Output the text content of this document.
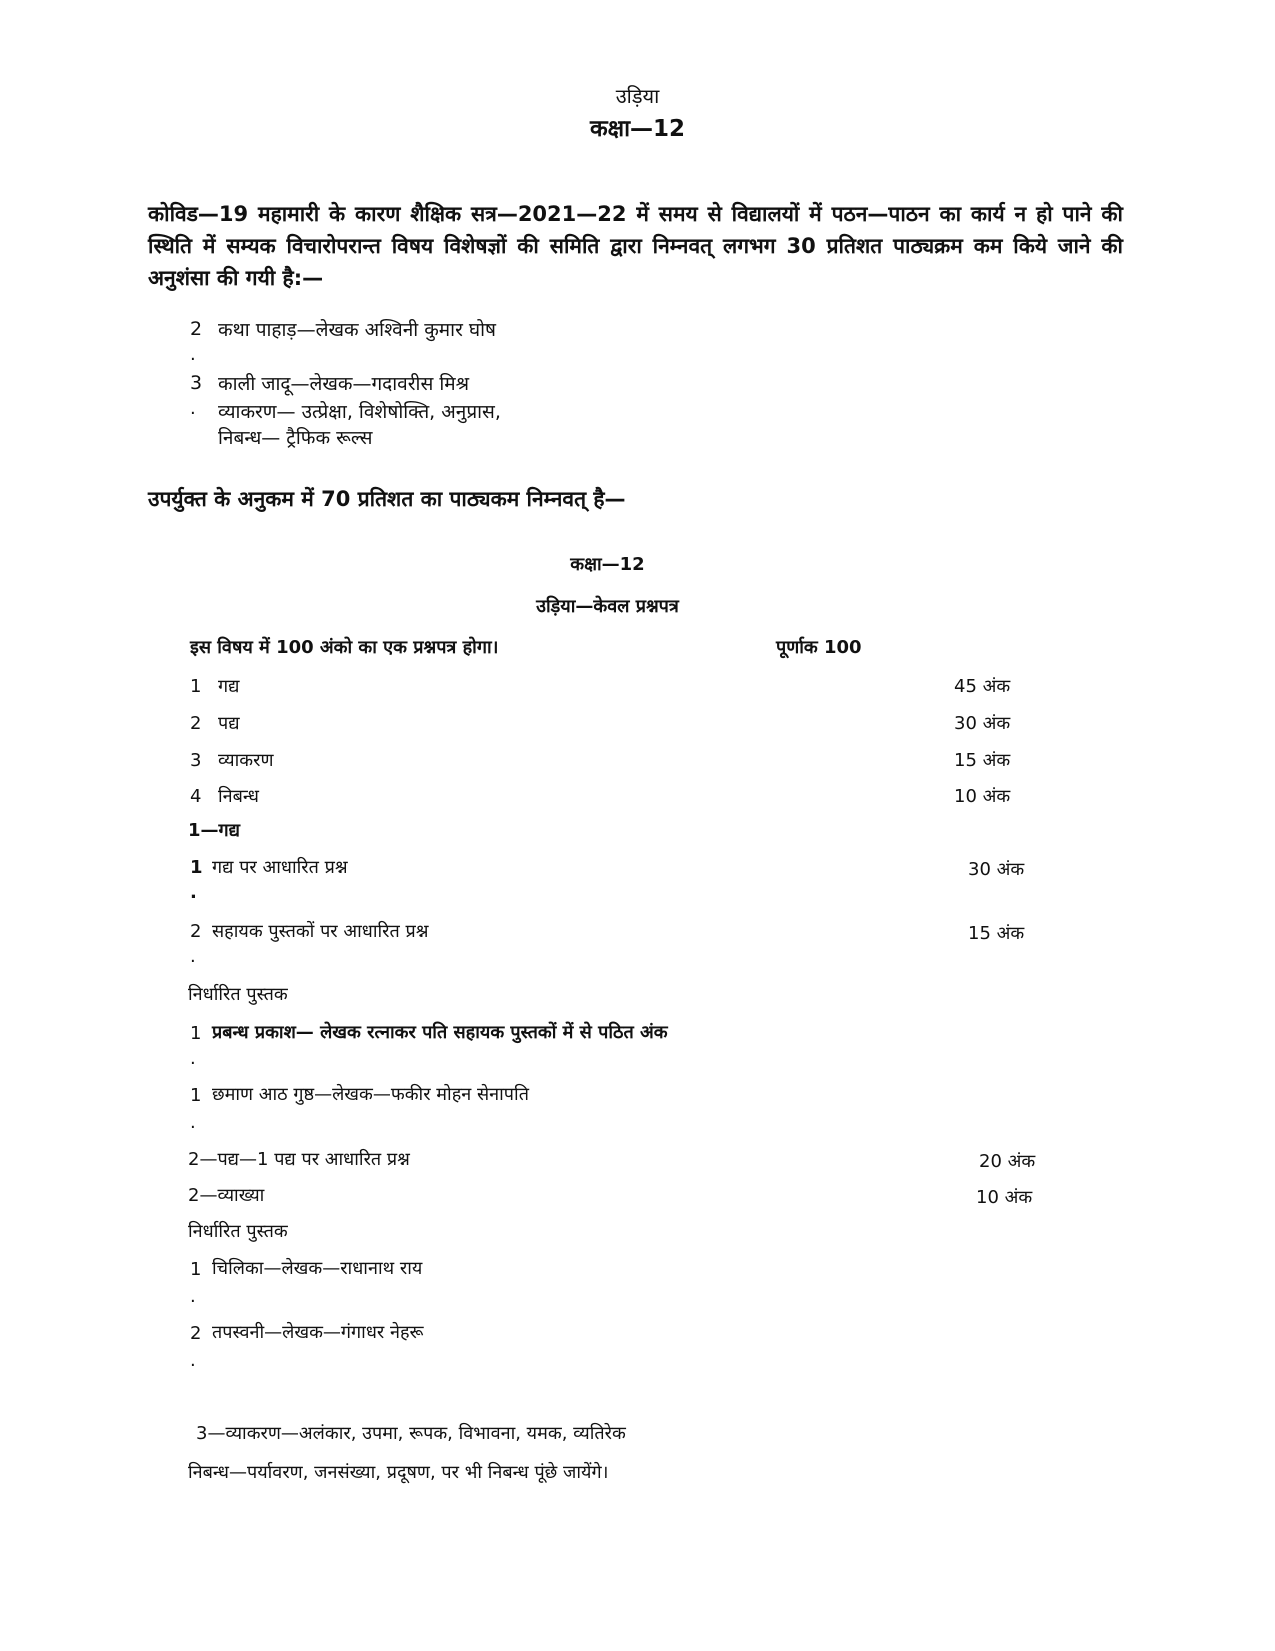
उड़िया
कक्षा—12
कोविड—19 महामारी के कारण शैक्षिक सत्र—2021—22 में समय से विद्यालयों में पठन—पाठन का कार्य न हो पाने की स्थिति में सम्यक विचारोपरान्त विषय विशेषज्ञों की समिति द्वारा निम्नवत् लगभग 30 प्रतिशत पाठ्यक्रम कम किये जाने की अनुशंसा की गयी है:—
2 कथा पाहाड़—लेखक अश्विनी कुमार घोष
.
3 काली जादू—लेखक—गदावरीस मिश्र
. व्याकरण— उत्प्रेक्षा, विशेषोक्ति, अनुप्रास,
निबन्ध— ट्रैफिक रूल्स
उपर्युक्त के अनुकम में 70 प्रतिशत का पाठ्यकम निम्नवत् है—
कक्षा—12
उड़िया—केवल प्रश्नपत्र
इस विषय में 100 अंको का एक प्रश्नपत्र होगा।	पूर्णाक 100
1 गद्य	45 अंक
2 पद्य	30 अंक
3 व्याकरण	15 अंक
4 निबन्ध	10 अंक
1—गद्य
1 गद्य पर आधारित प्रश्न	30 अंक
.
2 सहायक पुस्तकों पर आधारित प्रश्न	15 अंक
.
निर्धारित पुस्तक
1 प्रबन्ध प्रकाश— लेखक रत्नाकर पति सहायक पुस्तकों में से पठित अंक
.
1 छमाण आठ गुष्ठ—लेखक—फकीर मोहन सेनापति
.
2—पद्य—1 पद्य पर आधारित प्रश्न	20 अंक
2—व्याख्या	10 अंक
निर्धारित पुस्तक
1 चिलिका—लेखक—राधानाथ राय
.
2 तपस्वनी—लेखक—गंगाधर नेहरू
.
3—व्याकरण—अलंकार, उपमा, रूपक, विभावना, यमक, व्यतिरेक
निबन्ध—पर्यावरण, जनसंख्या, प्रदूषण, पर भी निबन्ध पूंछे जायेंगे।
